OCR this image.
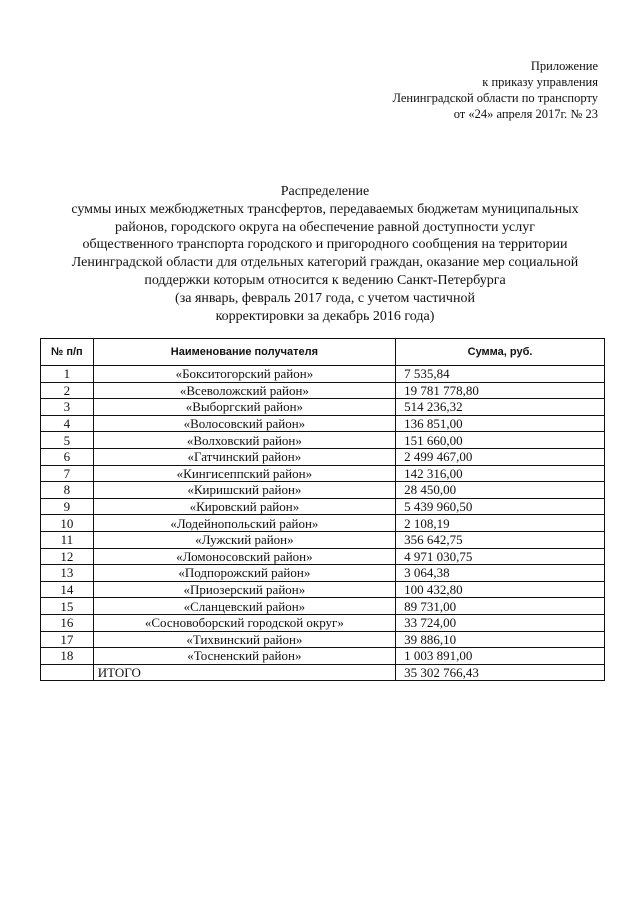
Приложение
к приказу управления
Ленинградской области по транспорту
от «24» апреля 2017г. № 23
Распределение
суммы иных межбюджетных трансфертов, передаваемых бюджетам муниципальных
районов, городского округа на обеспечение равной доступности услуг
общественного транспорта городского и пригородного сообщения на территории
Ленинградской области для отдельных категорий граждан, оказание мер социальной
поддержки которым относится к ведению Санкт-Петербурга
(за январь, февраль 2017 года, с учетом частичной
корректировки за декабрь 2016 года)
№ п/п	Наименование получателя	Сумма, руб.
1	«Бокситогорский район»	7 535,84
2	«Всеволожский район»	19 781 778,80
3	«Выборгский район»	514 236,32
4	«Волосовский район»	136 851,00
5	«Волховский район»	151 660,00
6	«Гатчинский район»	2 499 467,00
7	«Кингисеппский район»	142 316,00
8	«Киришский район»	28 450,00
9	«Кировский район»	5 439 960,50
10	«Лодейнопольский район»	2 108,19
11	«Лужский район»	356 642,75
12	«Ломоносовский район»	4 971 030,75
13	«Подпорожский район»	3 064,38
14	«Приозерский район»	100 432,80
15	«Сланцевский район»	89 731,00
16	«Сосновоборский городской округ»	33 724,00
17	«Тихвинский район»	39 886,10
18	«Тосненский район»	1 003 891,00
	ИТОГО	35 302 766,43
